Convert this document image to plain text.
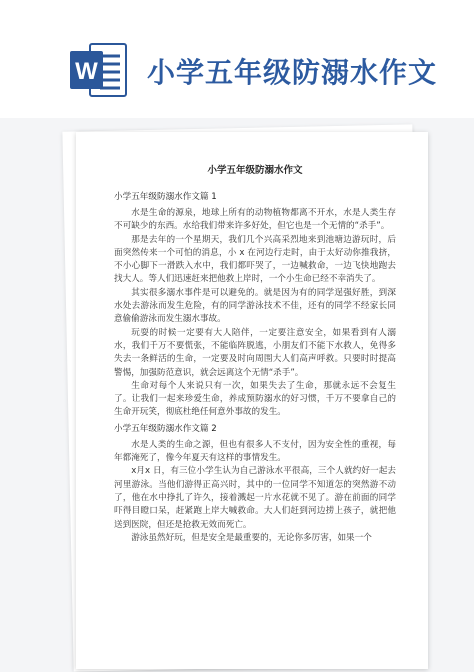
W 小学五年级防溺水作文
小学五年级防溺水作文
小学五年级防溺水作文篇 1

水是生命的源泉，地球上所有的动物植物都离不开水，水是人类生存不可缺少的东西。水给我们带来许多好处，但它也是一个无情的“杀手”。

那是去年的一个星期天，我们几个兴高采烈地来到池塘边游玩时，后面突然传来一个可怕的消息，小 x 在河边行走时，由于太好动你推我挤，不小心脚下一滑跌入水中，我们都吓哭了，一边喊救命，一边飞快地跑去找大人。等人们迅速赶来把他救上岸时，一个小生命已经不幸消失了。

其实很多溺水事件是可以避免的。就是因为有的同学逞强好胜，到深水处去游泳而发生危险，有的同学游泳技术不佳，还有的同学不经家长同意偷偷游泳而发生溺水事故。

玩耍的时候一定要有大人陪伴，一定要注意安全，如果看到有人溺水，我们千万不要慌张，不能临阵脱逃，小朋友们不能下水救人，免得多失去一条鲜活的生命，一定要及时向周围大人们高声呼救。只要时时提高警惕，加强防范意识，就会远离这个无情“杀手”。

生命对每个人来说只有一次，如果失去了生命，那就永远不会复生了。让我们一起来珍爱生命，养成预防溺水的好习惯，千万不要拿自己的生命开玩笑，彻底杜绝任何意外事故的发生。

小学五年级防溺水作文篇 2

水是人类的生命之源，但也有很多人不支付，因为安全性的重视，每年都淹死了，像今年夏天有这样的事情发生。

x月x 日，有三位小学生认为自己游泳水平很高，三个人就约好一起去河里游泳。当他们游得正高兴时，其中的一位同学不知道怎的突然游不动了，他在水中挣扎了许久，接着溅起一片水花就不见了。游在前面的同学吓得目瞪口呆，赶紧跑上岸大喊救命。大人们赶到河边捞上孩子，就把他送到医院，但还是抢救无效而死亡。

游泳虽然好玩，但是安全是最重要的，无论你多厉害，如果一个
